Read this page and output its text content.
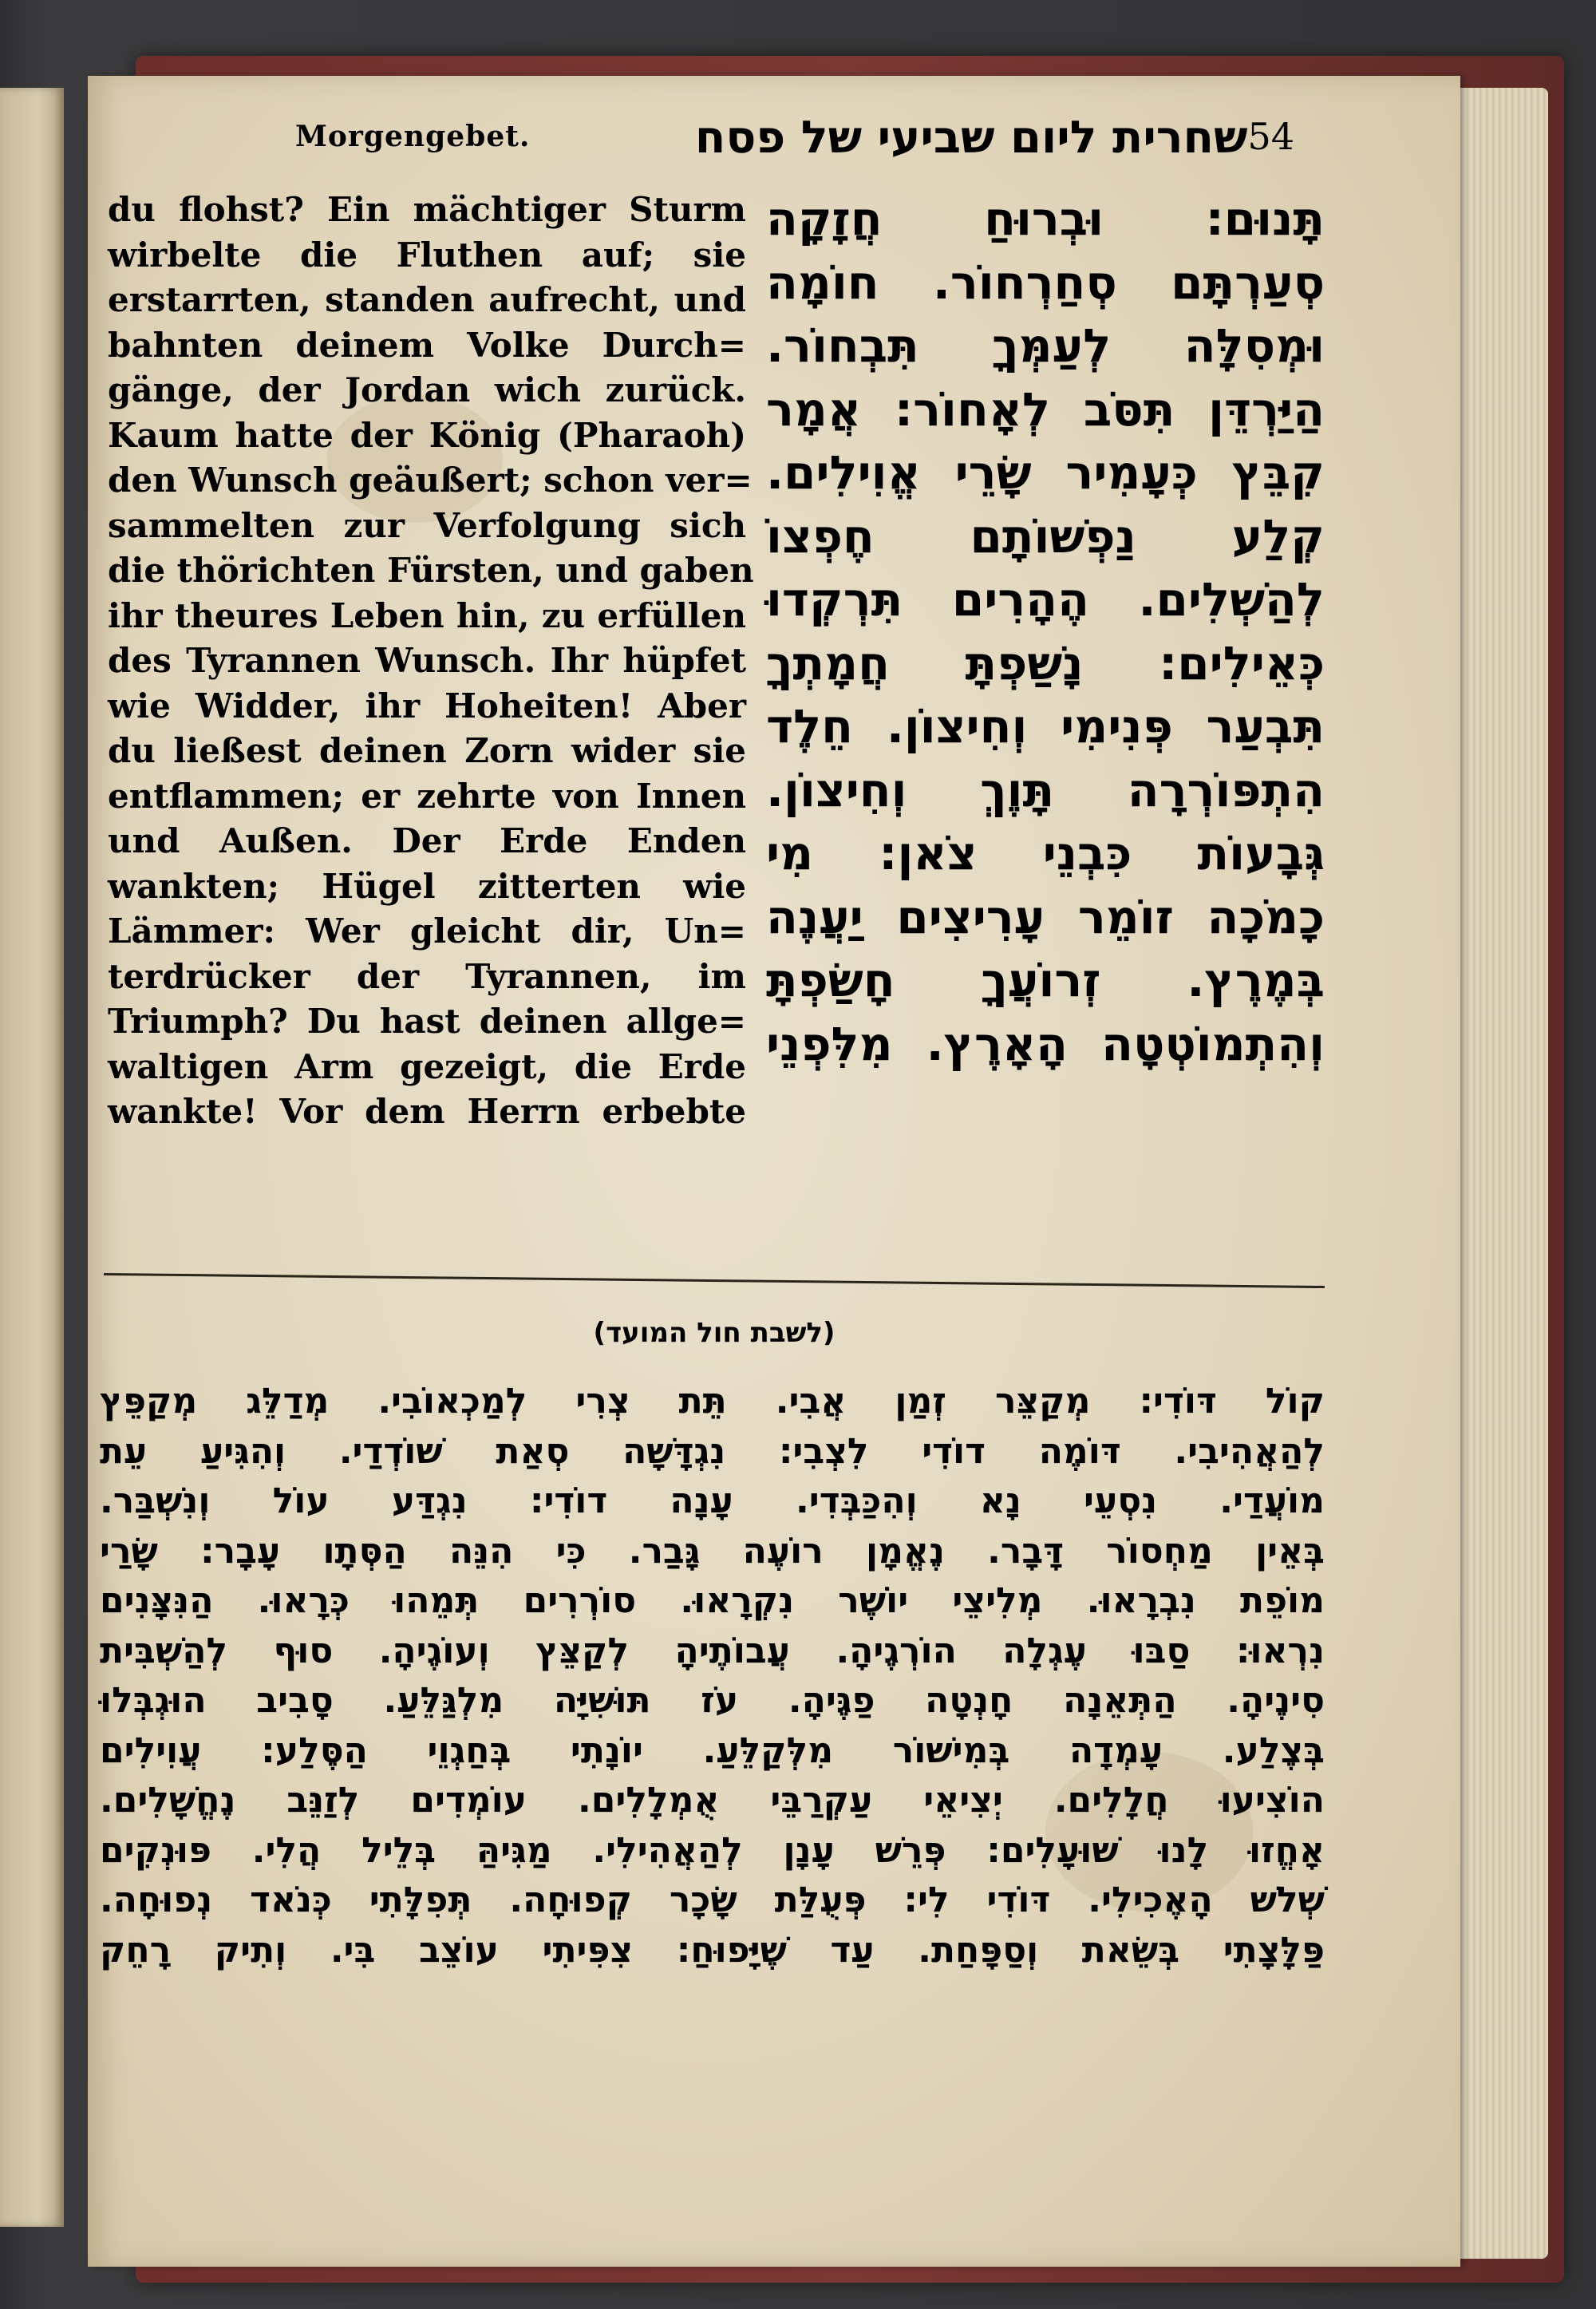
Morgengebet.	54שחרית ליום שביעי של פסח
du flohst? Ein mächtiger Sturm
wirbelte die Fluthen auf; sie
erstarrten, standen aufrecht, und
bahnten deinem Volke Durch=
gänge, der Jordan wich zurück.
Kaum hatte der König (Pharaoh)
den Wunsch geäußert; schon ver=
sammelten zur Verfolgung sich
die thörichten Fürsten, und gaben
ihr theures Leben hin, zu erfüllen
des Tyrannen Wunsch. Ihr hüpfet
wie Widder, ihr Hoheiten! Aber
du ließest deinen Zorn wider sie
entflammen; er zehrte von Innen
und Außen. Der Erde Enden
wankten; Hügel zitterten wie
Lämmer: Wer gleicht dir, Un=
terdrücker der Tyrannen, im
Triumph? Du hast deinen allge=
waltigen Arm gezeigt, die Erde
wankte! Vor dem Herrn erbebte
תָּנוּם: וּבְרוּחַ חֲזָקָה
סְעַרְתָּם סְחַרְחוֹר. חוֹמָה
וּמְסִלָּה לְעַמְּךָ תִּבְחוֹר.
הַיַּרְדֵּן תִּסֹּב לְאָחוֹר: אֲמָר
קִבֵּץ כְּעָמִיר שָׂרֵי אֱוִילִים.
קְלַע נַפְשׁוֹתָם חֶפְצוֹ
לְהַשְׁלִים. הֶהָרִים תִּרְקְדוּ
כְּאֵילִים: נָשַׁפְתָּ חֲמָתְךָ
תִּבְעַר פְּנִימִי וְחִיצוֹן. חֵלֶד
הִתְפּוֹרְרָה תָּוֶךְ וְחִיצוֹן.
גְּבָעוֹת כִּבְנֵי צֹאן: מִי
כָמֹכָה זוֹמֵר עָרִיצִים יַעֲנֶה
בְּמֶרֶץ. זְרוֹעֲךָ חָשַׂפְתָּ
וְהִתְמוֹטְטָה הָאָרֶץ. מִלִּפְנֵי
(לשבת חול המועד)
קוֹל דּוֹדִי: מְקַצֵּר זְמַן אֲבִי. תֵּת צְרִי לְמַכְאוֹבִי. מְדַלֵּג מְקַפֵּץ
לְהַאֲהִיבִי. דּוֹמֶה דוֹדִי לִצְבִי: נִגְדָּשָׁה סְאַת שׁוֹדְדַי. וְהִגִּיעַ עֵת
מוֹעֲדַי. נִסְעֵי נָא וְהִכַּבְּדִי. עָנָה דוֹדִי: נִגְדַּע עוֹל וְנִשְׁבַּר.
בְּאֵין מַחְסוֹר דָּבָר. נֶאֱמָן רוֹעֶה גָּבַר. כִּי הִנֵּה הַסְּתָו עָבָר: שָׂרַי
מוֹפֵת נִבְרָאוּ. מְלִיצֵי יוֹשֶׁר נִקְרָאוּ. סוֹרְרִים תְּמֵהוּ כְּרָאוּ. הַנִּצָּנִים
נִרְאוּ: סַבּוּ עֶגְלָה הוֹרְגֶיהָ. עֲבוֹתֶיהָ לְקַצֵּץ וְעוֹגֶיהָ. סוּף לְהַשְׁבִּית
סִינֶיהָ. הַתְּאֵנָה חָנְטָה פַגֶּיהָ. עֹז תּוּשִׁיָּה מִלְגַּלֵּעַ. סָבִיב הוּגְבְּלוּ
בְּצֶלַע. עָמְדָה בְּמִישׁוֹר מִלְּקַלֵּעַ. יוֹנָתִי בְּחַגְוֵי הַסֶּלַע: עֲוִילִים
הוֹצִיעוּ חֲלָלִים. יְצִיאֵי עַקְרַבֵּי אֻמְלָלִים. עוֹמְדִים לְזַנֵּב נֶחֱשָׁלִים.
אָחֱזוּ לָנוּ שׁוּעָלִים: פְּרֵשׁ עָנָן לְהַאֲהִילִי. מַגִּיהַּ בְּלֵיל הֲלִי. פּוּנְקִים
שְׁלשׁ הָאֶכִילִי. דּוֹדִי לִי: פְּעֻלַּת שָׂכָר קְפוּחָה. תְּפִלָּתִי כְּנֹאד נְפוּחָה.
פַּלָּצָתִי בְּשֵׂאת וְסַפָּחַת. עַד שֶׁיָּפוּחַ: צִפִּיתִי עוֹצֵב בִּי. וְתִיק רָחֵק
